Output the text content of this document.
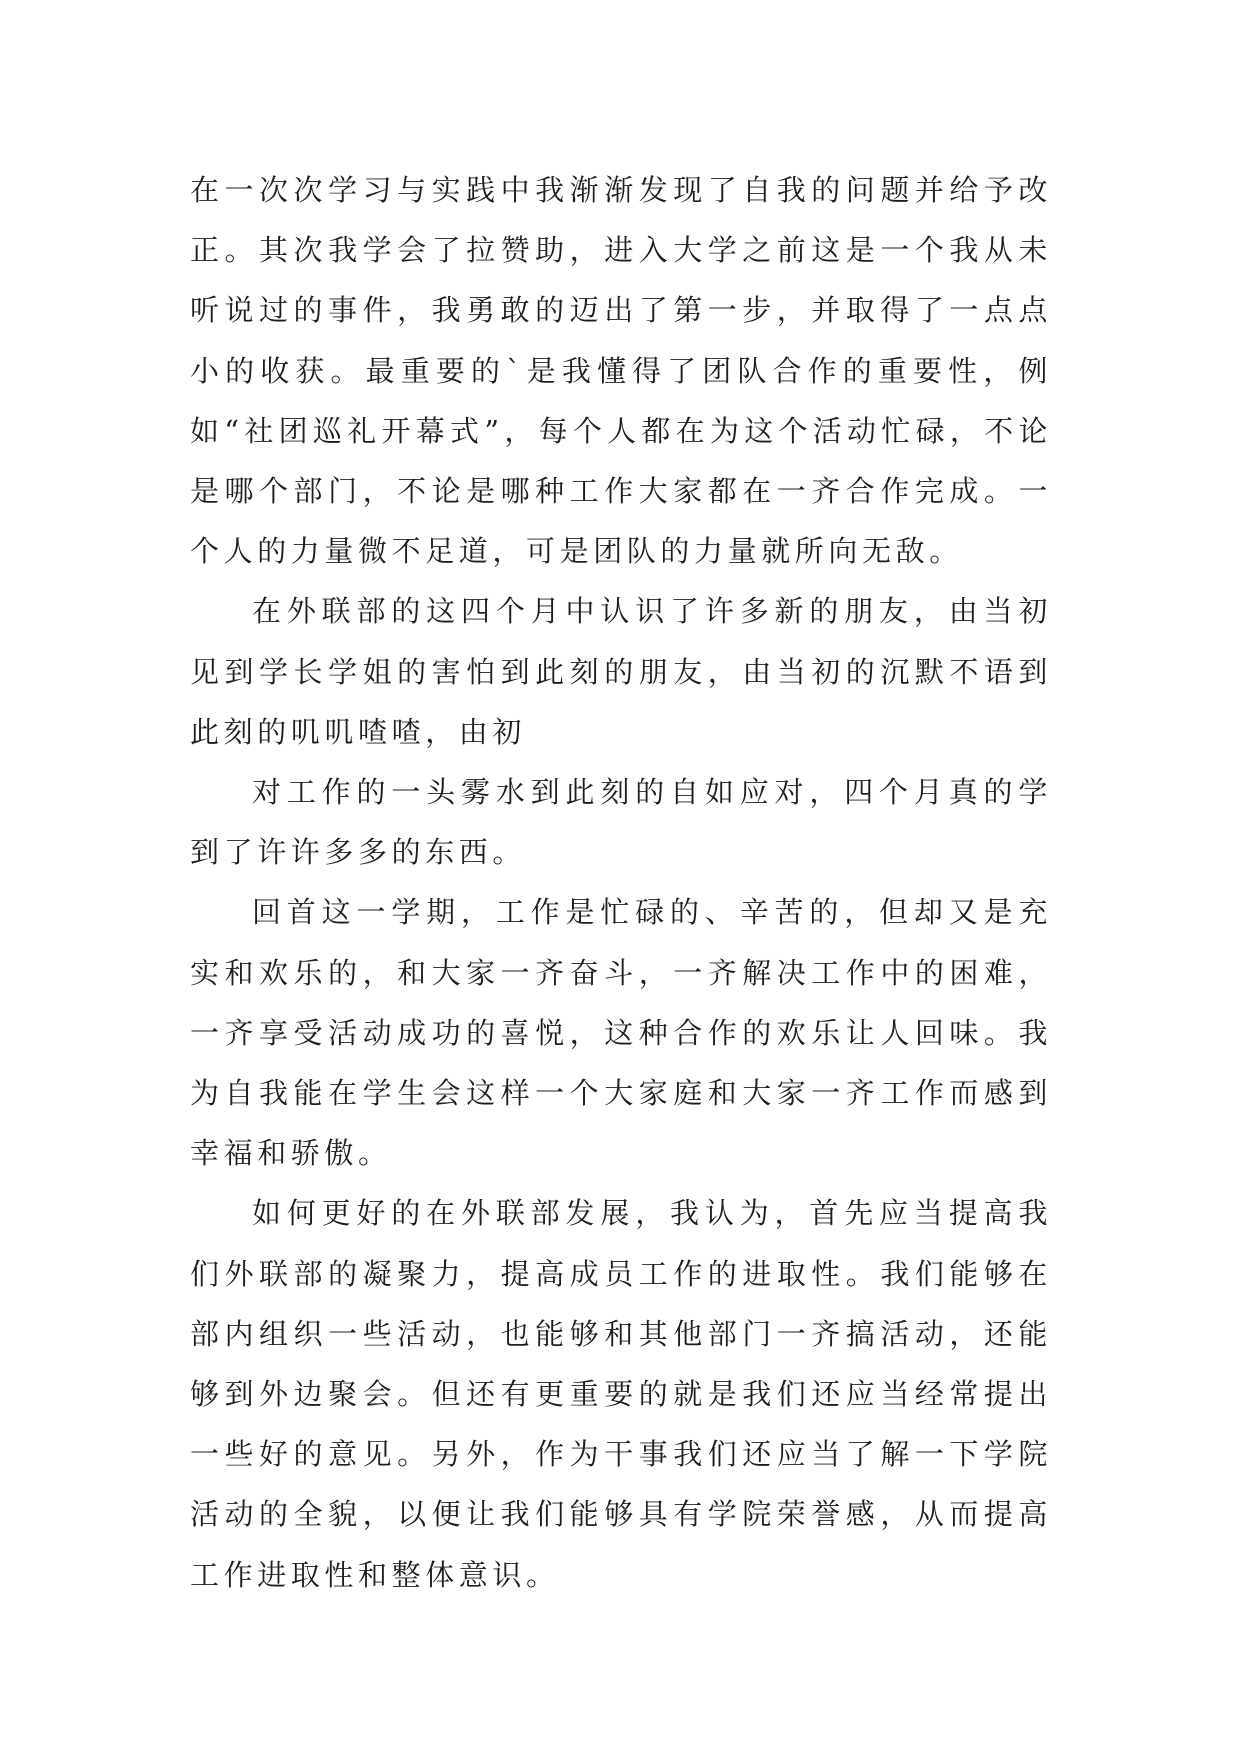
在一次次学习与实践中我渐渐发现了自我的问题并给予改正。其次我学会了拉赞助，进入大学之前这是一个我从未听说过的事件，我勇敢的迈出了第一步，并取得了一点点小的收获。最重要的`是我懂得了团队合作的重要性，例如“社团巡礼开幕式”，每个人都在为这个活动忙碌，不论是哪个部门，不论是哪种工作大家都在一齐合作完成。一个人的力量微不足道，可是团队的力量就所向无敌。

在外联部的这四个月中认识了许多新的朋友，由当初见到学长学姐的害怕到此刻的朋友，由当初的沉默不语到此刻的叽叽喳喳，由初

对工作的一头雾水到此刻的自如应对，四个月真的学到了许许多多的东西。

回首这一学期，工作是忙碌的、辛苦的，但却又是充实和欢乐的，和大家一齐奋斗，一齐解决工作中的困难，一齐享受活动成功的喜悦，这种合作的欢乐让人回味。我为自我能在学生会这样一个大家庭和大家一齐工作而感到幸福和骄傲。

如何更好的在外联部发展，我认为，首先应当提高我们外联部的凝聚力，提高成员工作的进取性。我们能够在部内组织一些活动，也能够和其他部门一齐搞活动，还能够到外边聚会。但还有更重要的就是我们还应当经常提出一些好的意见。另外，作为干事我们还应当了解一下学院活动的全貌，以便让我们能够具有学院荣誉感，从而提高工作进取性和整体意识。
